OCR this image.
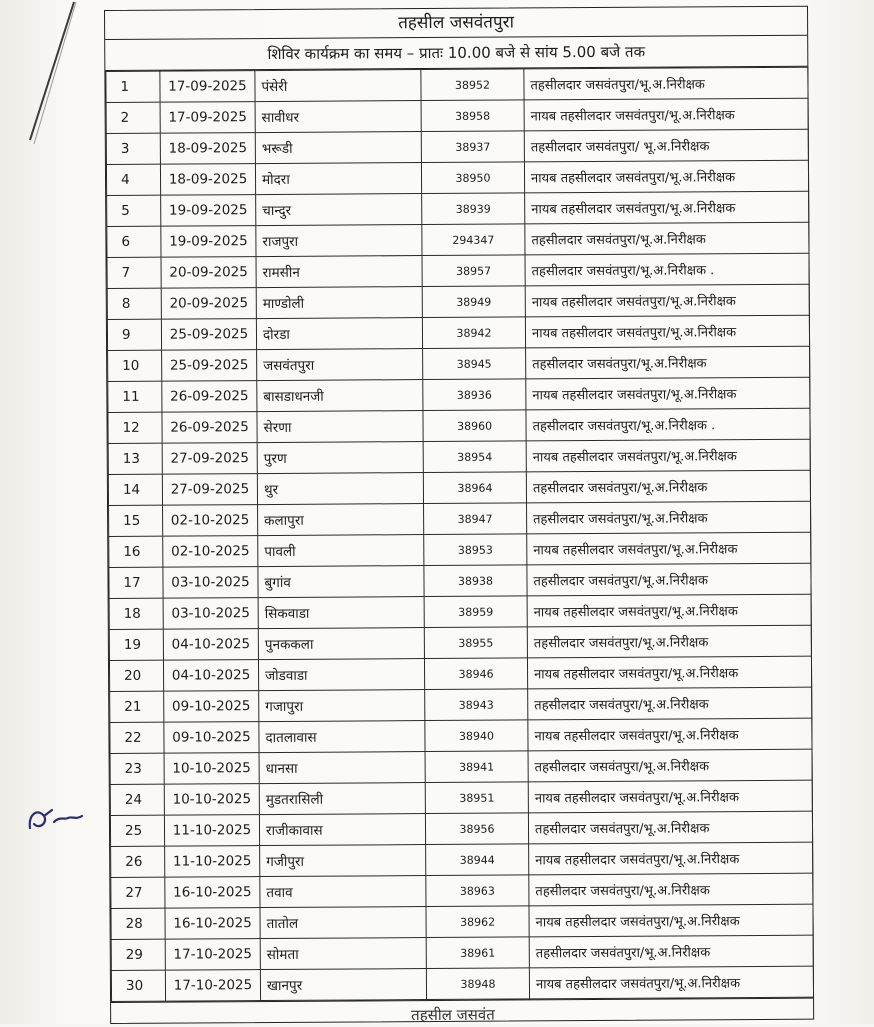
तहसील जसवंतपुरा
शिविर कार्यक्रम का समय – प्रातः 10.00 बजे से सांय 5.00 बजे तक
1	17-09-2025	पंसेरी	38952	तहसीलदार जसवंतपुरा/भू.अ.निरीक्षक
2	17-09-2025	सावीधर	38958	नायब तहसीलदार जसवंतपुरा/भू.अ.निरीक्षक
3	18-09-2025	भरूडी	38937	तहसीलदार जसवंतपुरा/ भू.अ.निरीक्षक
4	18-09-2025	मोदरा	38950	नायब तहसीलदार जसवंतपुरा/भू.अ.निरीक्षक
5	19-09-2025	चान्दुर	38939	नायब तहसीलदार जसवंतपुरा/भू.अ.निरीक्षक
6	19-09-2025	राजपुरा	294347	तहसीलदार जसवंतपुरा/भू.अ.निरीक्षक
7	20-09-2025	रामसीन	38957	तहसीलदार जसवंतपुरा/भू.अ.निरीक्षक .
8	20-09-2025	माण्डोली	38949	नायब तहसीलदार जसवंतपुरा/भू.अ.निरीक्षक
9	25-09-2025	दोरडा	38942	नायब तहसीलदार जसवंतपुरा/भू.अ.निरीक्षक
10	25-09-2025	जसवंतपुरा	38945	तहसीलदार जसवंतपुरा/भू.अ.निरीक्षक
11	26-09-2025	बासडाधनजी	38936	नायब तहसीलदार जसवंतपुरा/भू.अ.निरीक्षक
12	26-09-2025	सेरणा	38960	तहसीलदार जसवंतपुरा/भू.अ.निरीक्षक .
13	27-09-2025	पुरण	38954	नायब तहसीलदार जसवंतपुरा/भू.अ.निरीक्षक
14	27-09-2025	थुर	38964	तहसीलदार जसवंतपुरा/भू.अ.निरीक्षक
15	02-10-2025	कलापुरा	38947	तहसीलदार जसवंतपुरा/भू.अ.निरीक्षक
16	02-10-2025	पावली	38953	नायब तहसीलदार जसवंतपुरा/भू.अ.निरीक्षक
17	03-10-2025	बुगांव	38938	तहसीलदार जसवंतपुरा/भू.अ.निरीक्षक
18	03-10-2025	सिकवाडा	38959	नायब तहसीलदार जसवंतपुरा/भू.अ.निरीक्षक
19	04-10-2025	पुनककला	38955	तहसीलदार जसवंतपुरा/भू.अ.निरीक्षक
20	04-10-2025	जोडवाडा	38946	नायब तहसीलदार जसवंतपुरा/भू.अ.निरीक्षक
21	09-10-2025	गजापुरा	38943	तहसीलदार जसवंतपुरा/भू.अ.निरीक्षक
22	09-10-2025	दातलावास	38940	नायब तहसीलदार जसवंतपुरा/भू.अ.निरीक्षक
23	10-10-2025	धानसा	38941	तहसीलदार जसवंतपुरा/भू.अ.निरीक्षक
24	10-10-2025	मुडतरासिली	38951	नायब तहसीलदार जसवंतपुरा/भू.अ.निरीक्षक
25	11-10-2025	राजीकावास	38956	तहसीलदार जसवंतपुरा/भू.अ.निरीक्षक
26	11-10-2025	गजीपुरा	38944	नायब तहसीलदार जसवंतपुरा/भू.अ.निरीक्षक
27	16-10-2025	तवाव	38963	तहसीलदार जसवंतपुरा/भू.अ.निरीक्षक
28	16-10-2025	तातोल	38962	नायब तहसीलदार जसवंतपुरा/भू.अ.निरीक्षक
29	17-10-2025	सोमता	38961	तहसीलदार जसवंतपुरा/भू.अ.निरीक्षक
30	17-10-2025	खानपुर	38948	नायब तहसीलदार जसवंतपुरा/भू.अ.निरीक्षक
तहसील जसवंत
